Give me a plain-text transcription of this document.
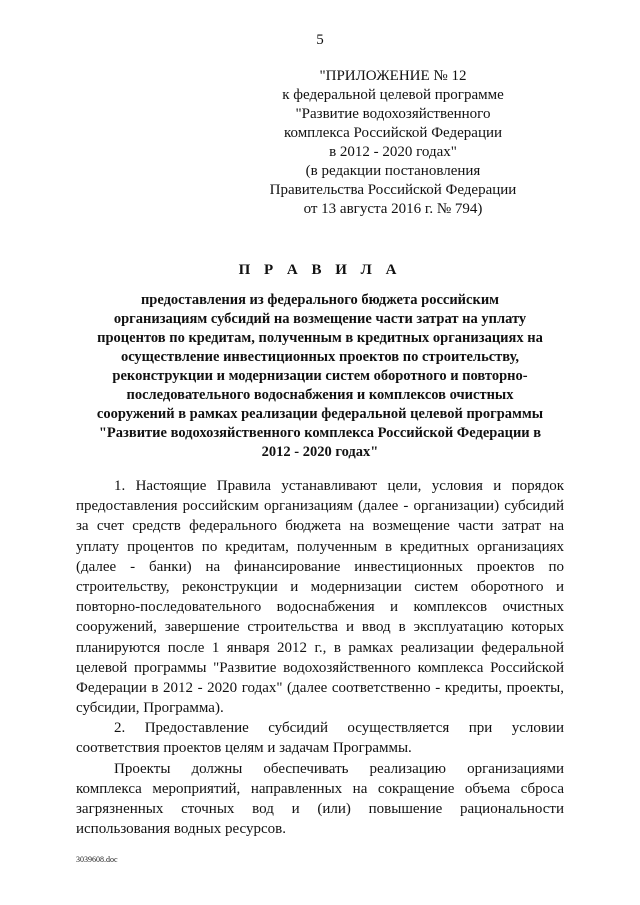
5
"ПРИЛОЖЕНИЕ № 12
к федеральной целевой программе
"Развитие водохозяйственного
комплекса Российской Федерации
в 2012 - 2020 годах"
(в редакции постановления
Правительства Российской Федерации
от 13 августа 2016 г. № 794)
П Р А В И Л А
предоставления из федерального бюджета российским
организациям субсидий на возмещение части затрат на уплату
процентов по кредитам, полученным в кредитных организациях на
осуществление инвестиционных проектов по строительству,
реконструкции и модернизации систем оборотного и повторно-
последовательного водоснабжения и комплексов очистных
сооружений в рамках реализации федеральной целевой программы
"Развитие водохозяйственного комплекса Российской Федерации в
2012 - 2020 годах"
1. Настоящие Правила устанавливают цели, условия и порядок
предоставления российским организациям (далее - организации) субсидий
за счет средств федерального бюджета на возмещение части затрат на
уплату процентов по кредитам, полученным в кредитных организациях
(далее - банки) на финансирование инвестиционных проектов по
строительству, реконструкции и модернизации систем оборотного и
повторно-последовательного водоснабжения и комплексов очистных
сооружений, завершение строительства и ввод в эксплуатацию которых
планируются после 1 января 2012 г., в рамках реализации федеральной
целевой программы "Развитие водохозяйственного комплекса Российской
Федерации в 2012 - 2020 годах" (далее соответственно - кредиты, проекты,
субсидии, Программа).
2. Предоставление субсидий осуществляется при условии
соответствия проектов целям и задачам Программы.
Проекты должны обеспечивать реализацию организациями
комплекса мероприятий, направленных на сокращение объема сброса
загрязненных сточных вод и (или) повышение рациональности
использования водных ресурсов.
3039608.doc
